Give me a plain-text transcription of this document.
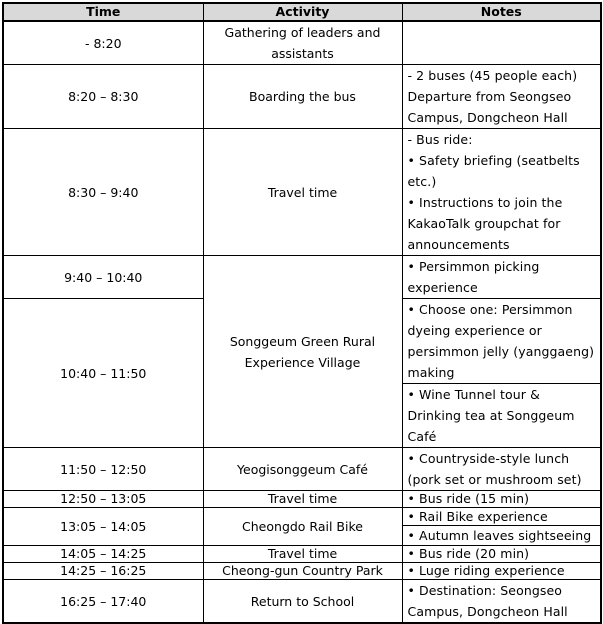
Time	Activity	Notes
- 8:20	Gathering of leaders and assistants	
8:20 – 8:30	Boarding the bus	- 2 buses (45 people each) Departure from Seongseo Campus, Dongcheon Hall

8:30 – 9:40	Travel time	- Bus ride:
• Safety briefing (seatbelts etc.)
• Instructions to join the KakaoTalk groupchat for announcements

9:40 – 10:40	Songgeum Green Rural Experience Village	• Persimmon picking experience

10:40 – 11:50		• Choose one: Persimmon dyeing experience or persimmon jelly (yanggaeng) making
		• Wine Tunnel tour & Drinking tea at Songgeum Café
11:50 – 12:50	Yeogisonggeum Café	• Countryside-style lunch (pork set or mushroom set)
12:50 – 13:05	Travel time	• Bus ride (15 min)
13:05 – 14:05	Cheongdo Rail Bike	• Rail Bike experience
		• Autumn leaves sightseeing
14:05 – 14:25	Travel time	• Bus ride (20 min)
14:25 – 16:25	Cheong-gun Country Park	• Luge riding experience
16:25 – 17:40	Return to School	• Destination: Seongseo Campus, Dongcheon Hall
